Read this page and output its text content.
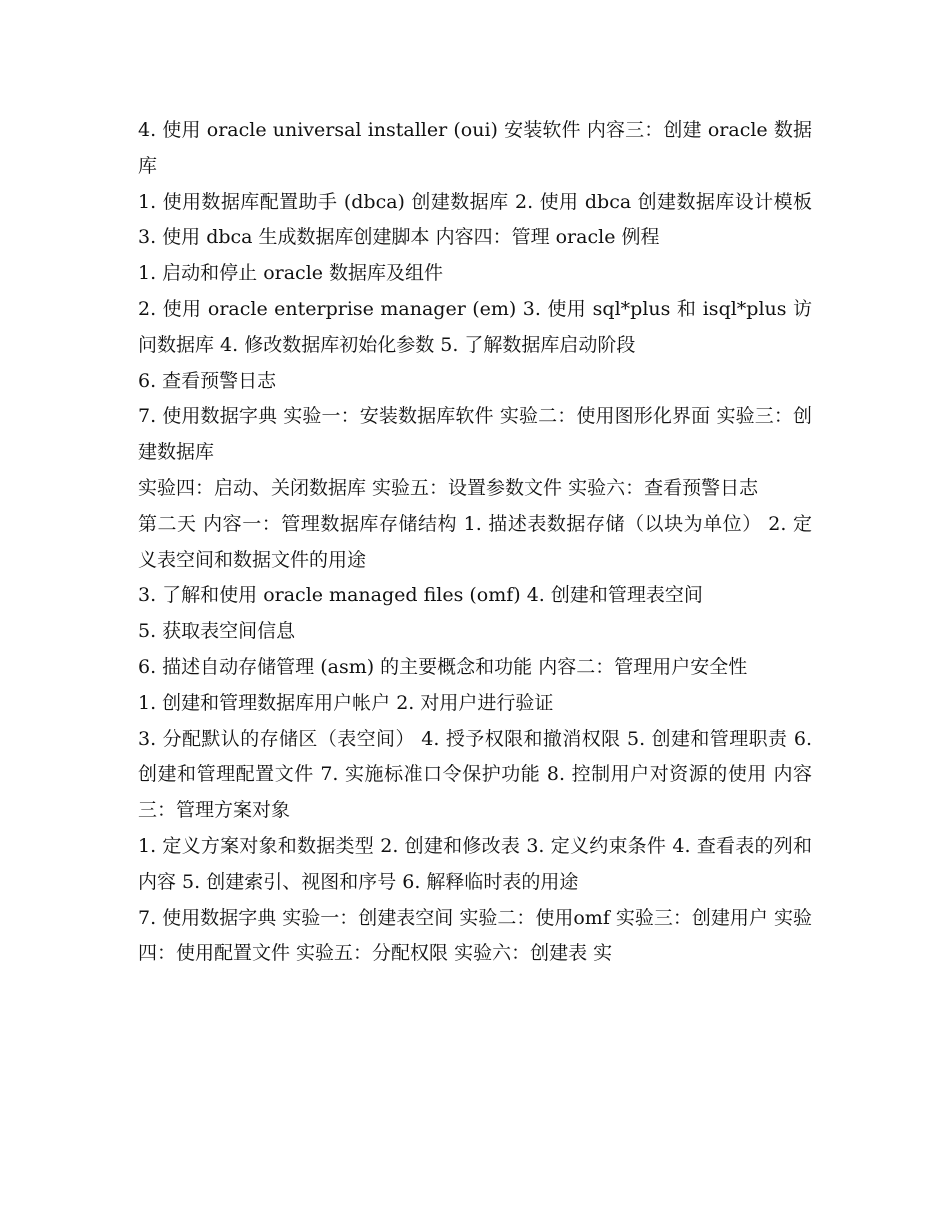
4. 使用 oracle universal installer (oui) 安装软件 内容三：创建 oracle 数据库

1. 使用数据库配置助手 (dbca) 创建数据库 2. 使用 dbca 创建数据库设计模板 3. 使用 dbca 生成数据库创建脚本 内容四：管理 oracle 例程

1. 启动和停止 oracle 数据库及组件

2. 使用 oracle enterprise manager (em) 3. 使用 sql*plus 和 isql*plus 访问数据库 4. 修改数据库初始化参数 5. 了解数据库启动阶段

6. 查看预警日志

7. 使用数据字典 实验一：安装数据库软件 实验二：使用图形化界面 实验三：创建数据库

实验四：启动、关闭数据库 实验五：设置参数文件 实验六：查看预警日志

第二天 内容一：管理数据库存储结构 1. 描述表数据存储（以块为单位） 2. 定义表空间和数据文件的用途

3. 了解和使用 oracle managed files (omf) 4. 创建和管理表空间

5. 获取表空间信息

6. 描述自动存储管理 (asm) 的主要概念和功能 内容二：管理用户安全性

1. 创建和管理数据库用户帐户 2. 对用户进行验证

3. 分配默认的存储区（表空间） 4. 授予权限和撤消权限 5. 创建和管理职责 6. 创建和管理配置文件 7. 实施标准口令保护功能 8. 控制用户对资源的使用 内容三：管理方案对象

1. 定义方案对象和数据类型 2. 创建和修改表 3. 定义约束条件 4. 查看表的列和内容 5. 创建索引、视图和序号 6. 解释临时表的用途

7. 使用数据字典 实验一：创建表空间 实验二：使用omf 实验三：创建用户 实验四：使用配置文件 实验五：分配权限 实验六：创建表 实
